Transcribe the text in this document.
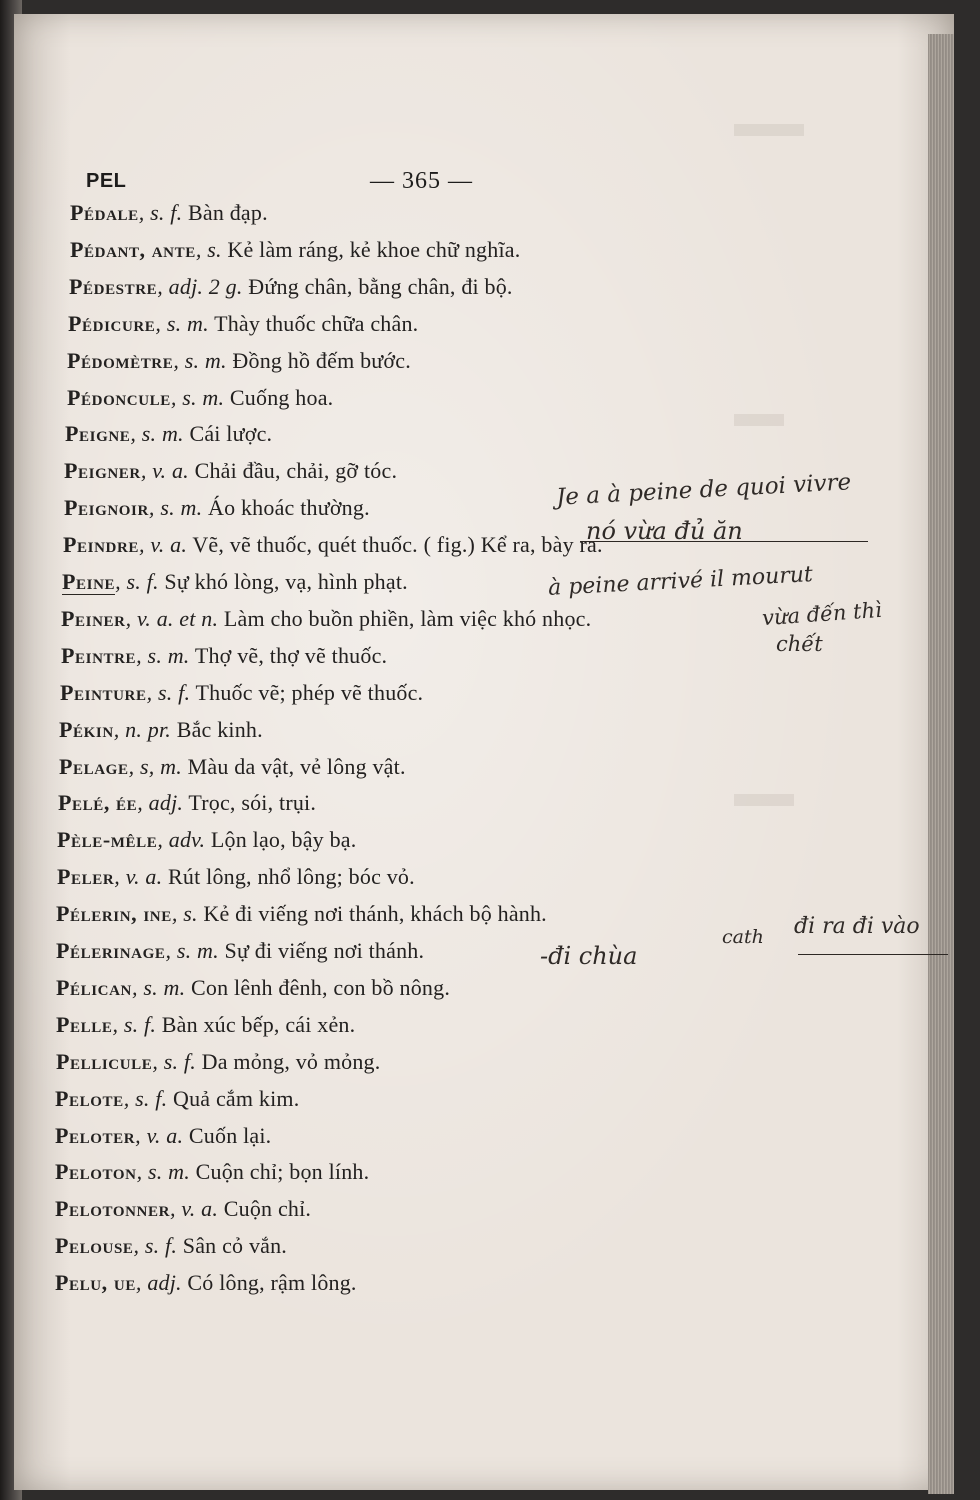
PEL	— 365 —
Pédale, s. f. Bàn đạp.
Pédant, ante, s. Kẻ làm ráng, kẻ khoe chữ nghĩa.
Pédestre, adj. 2 g. Đứng chân, bằng chân, đi bộ.
Pédicure, s. m. Thày thuốc chữa chân.
Pédomètre, s. m. Đồng hồ đếm bước.
Pédoncule, s. m. Cuống hoa.
Peigne, s. m. Cái lược.
Peigner, v. a. Chải đầu, chải, gỡ tóc.
Peignoir, s. m. Áo khoác thường.
Peindre, v. a. Vẽ, vẽ thuốc, quét thuốc. ( fig.) Kể ra, bày ra.
Peine, s. f. Sự khó lòng, vạ, hình phạt.
Peiner, v. a. et n. Làm cho buồn phiền, làm việc khó nhọc.
Peintre, s. m. Thợ vẽ, thợ vẽ thuốc.
Peinture, s. f. Thuốc vẽ; phép vẽ thuốc.
Pékin, n. pr. Bắc kinh.
Pelage, s, m. Màu da vật, vẻ lông vật.
Pelé, ée, adj. Trọc, sói, trụi.
Pèle-mêle, adv. Lộn lạo, bậy bạ.
Peler, v. a. Rút lông, nhổ lông; bóc vỏ.
Pélerin, ine, s. Kẻ đi viếng nơi thánh, khách bộ hành.
Pélerinage, s. m. Sự đi viếng nơi thánh.
Pélican, s. m. Con lênh đênh, con bồ nông.
Pelle, s. f. Bàn xúc bếp, cái xẻn.
Pellicule, s. f. Da mỏng, vỏ mỏng.
Pelote, s. f. Quả cắm kim.
Peloter, v. a. Cuốn lại.
Peloton, s. m. Cuộn chỉ; bọn lính.
Pelotonner, v. a. Cuộn chỉ.
Pelouse, s. f. Sân cỏ vắn.
Pelu, ue, adj. Có lông, rậm lông.
Je a à peine de quoi vivre
nó vừa đủ ăn
à peine arrivé il mourut
vừa đến thì
chết
-đi chùa
cath đi ra đi vào
